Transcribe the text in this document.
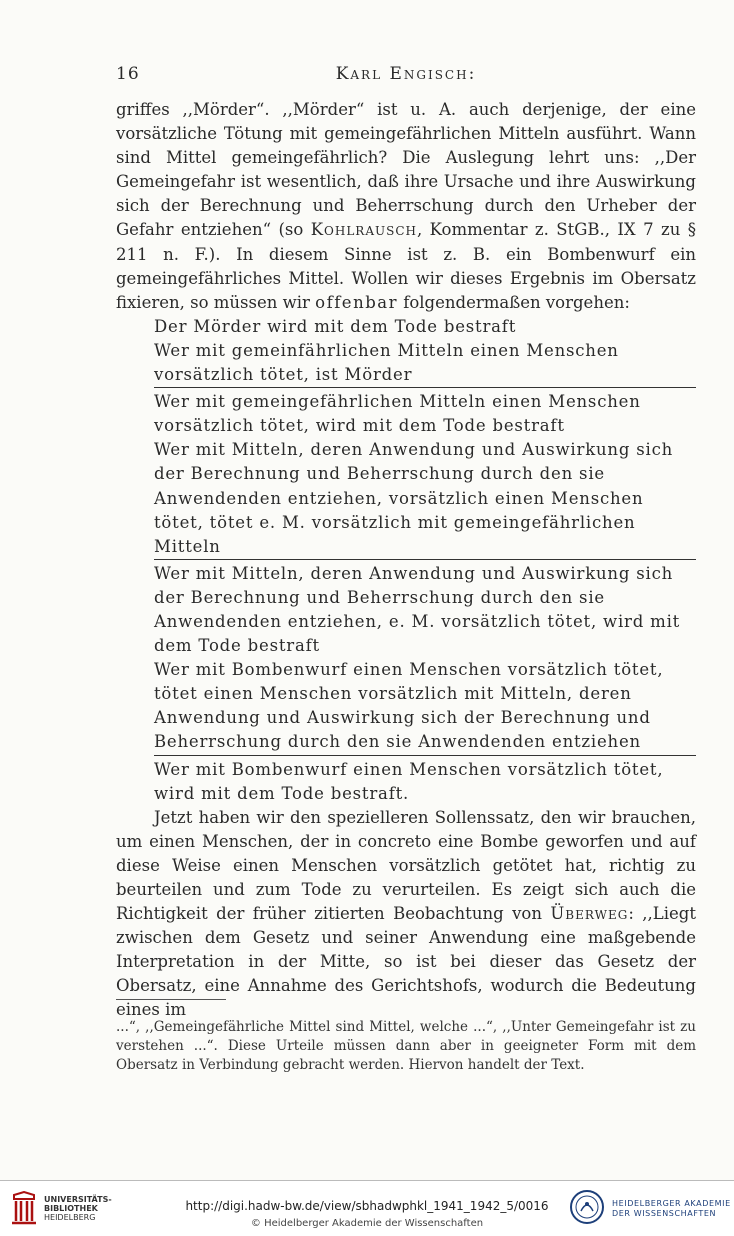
16	Karl Engisch:

griffes ,,Mörder“. ,,Mörder“ ist u. A. auch derjenige, der eine vorsätzliche Tötung mit gemeingefährlichen Mitteln ausführt. Wann sind Mittel gemeingefährlich? Die Auslegung lehrt uns: ,,Der Gemeingefahr ist wesentlich, daß ihre Ursache und ihre Auswirkung sich der Berechnung und Beherrschung durch den Urheber der Gefahr entziehen“ (so Kohlrausch, Kommentar z. StGB., IX 7 zu § 211 n. F.). In diesem Sinne ist z. B. ein Bombenwurf ein gemeingefährliches Mittel. Wollen wir dieses Ergebnis im Obersatz fixieren, so müssen wir offenbar folgendermaßen vorgehen:

Der Mörder wird mit dem Tode bestraft

Wer mit gemeinfährlichen Mitteln einen Menschen vorsätzlich tötet, ist Mörder

Wer mit gemeingefährlichen Mitteln einen Menschen vorsätzlich tötet, wird mit dem Tode bestraft

Wer mit Mitteln, deren Anwendung und Auswirkung sich der Berechnung und Beherrschung durch den sie Anwendenden entziehen, vorsätzlich einen Menschen tötet, tötet e. M. vorsätzlich mit gemeingefährlichen Mitteln

Wer mit Mitteln, deren Anwendung und Auswirkung sich der Berechnung und Beherrschung durch den sie Anwendenden entziehen, e. M. vorsätzlich tötet, wird mit dem Tode bestraft

Wer mit Bombenwurf einen Menschen vorsätzlich tötet, tötet einen Menschen vorsätzlich mit Mitteln, deren Anwendung und Auswirkung sich der Berechnung und Beherrschung durch den sie Anwendenden entziehen

Wer mit Bombenwurf einen Menschen vorsätzlich tötet, wird mit dem Tode bestraft.

Jetzt haben wir den spezielleren Sollenssatz, den wir brauchen, um einen Menschen, der in concreto eine Bombe geworfen und auf diese Weise einen Menschen vorsätzlich getötet hat, richtig zu beurteilen und zum Tode zu verurteilen. Es zeigt sich auch die Richtigkeit der früher zitierten Beobachtung von Überweg: ,,Liegt zwischen dem Gesetz und seiner Anwendung eine maßgebende Interpretation in der Mitte, so ist bei dieser das Gesetz der Obersatz, eine Annahme des Gerichtshofs, wodurch die Bedeutung eines im

...“, ,,Gemeingefährliche Mittel sind Mittel, welche ...“, ,,Unter Gemeingefahr ist zu verstehen ...“. Diese Urteile müssen dann aber in geeigneter Form mit dem Obersatz in Verbindung gebracht werden. Hiervon handelt der Text.
UNIVERSITÄTS-
BIBLIOTHEK
HEIDELBERG
http://digi.hadw-bw.de/view/sbhadwphkl_1941_1942_5/0016
© Heidelberger Akademie der Wissenschaften
HEIDELBERGER AKADEMIE
DER WISSENSCHAFTEN
